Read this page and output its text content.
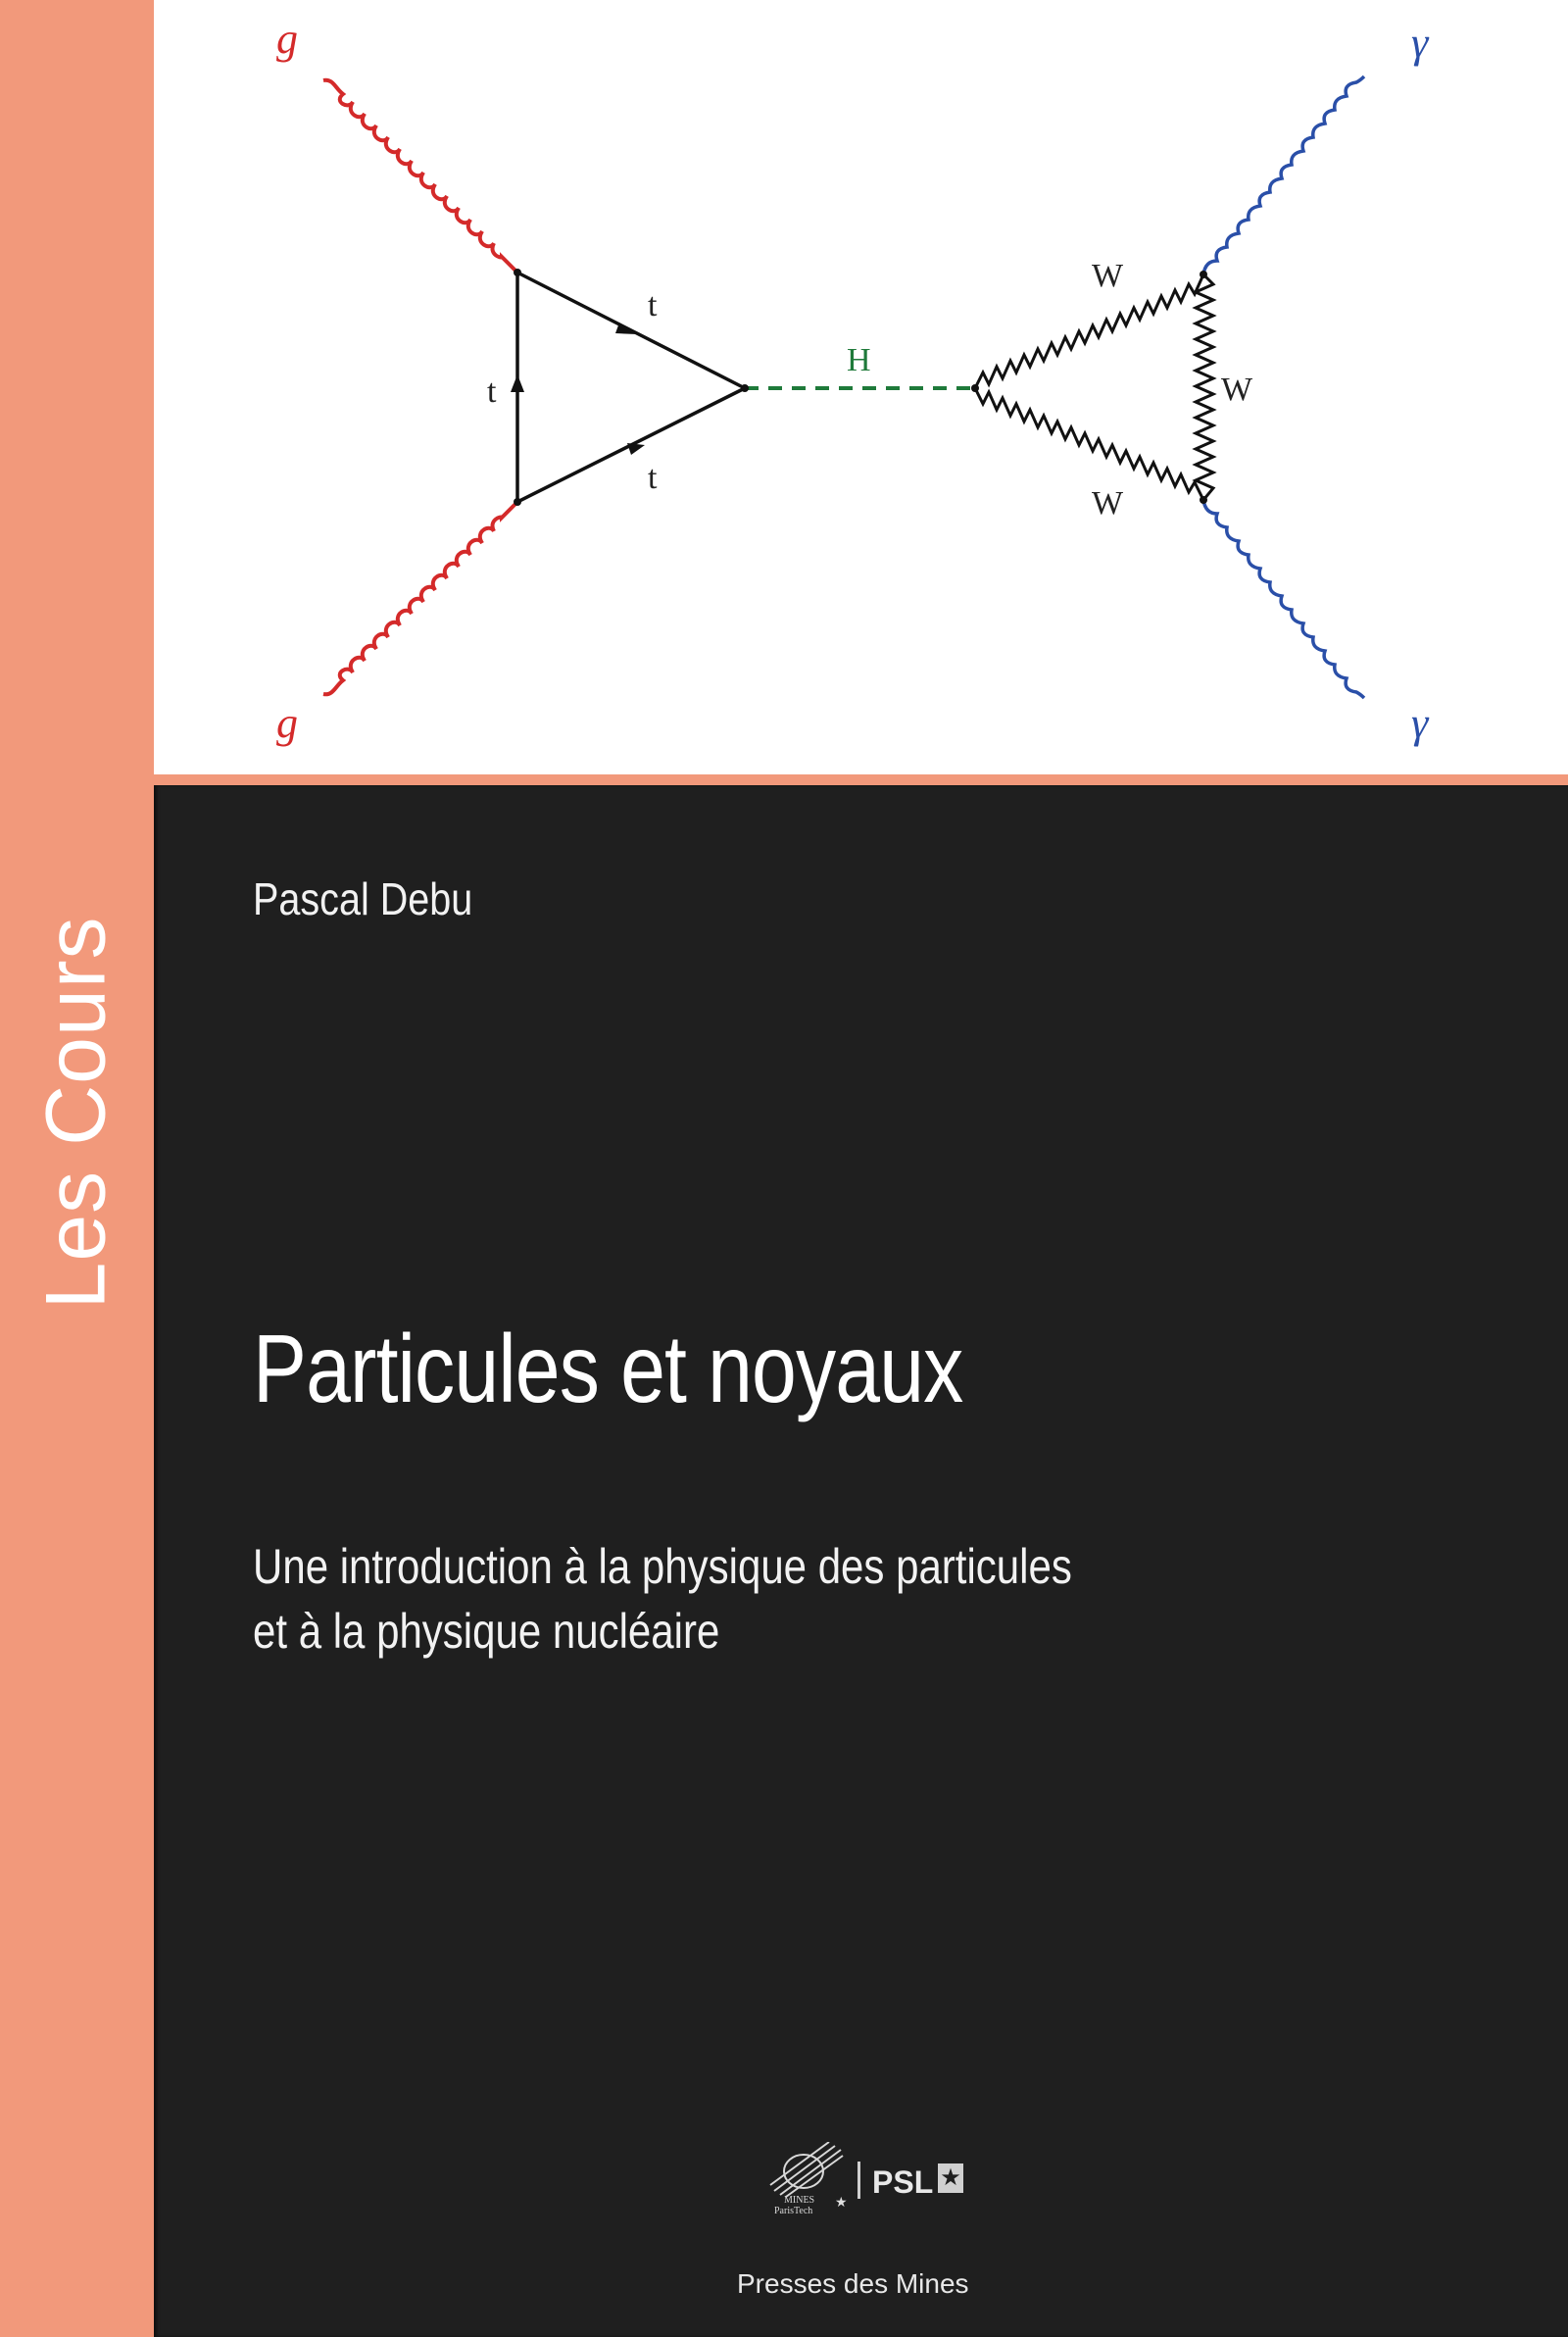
Les Cours
g
g
t
t
t
H
W
W
W
γ
γ
Pascal Debu
Particules et noyaux
Une introduction à la physique des particules
et à la physique nucléaire
MINES
ParisTech
★
PSL ★
Presses des Mines
